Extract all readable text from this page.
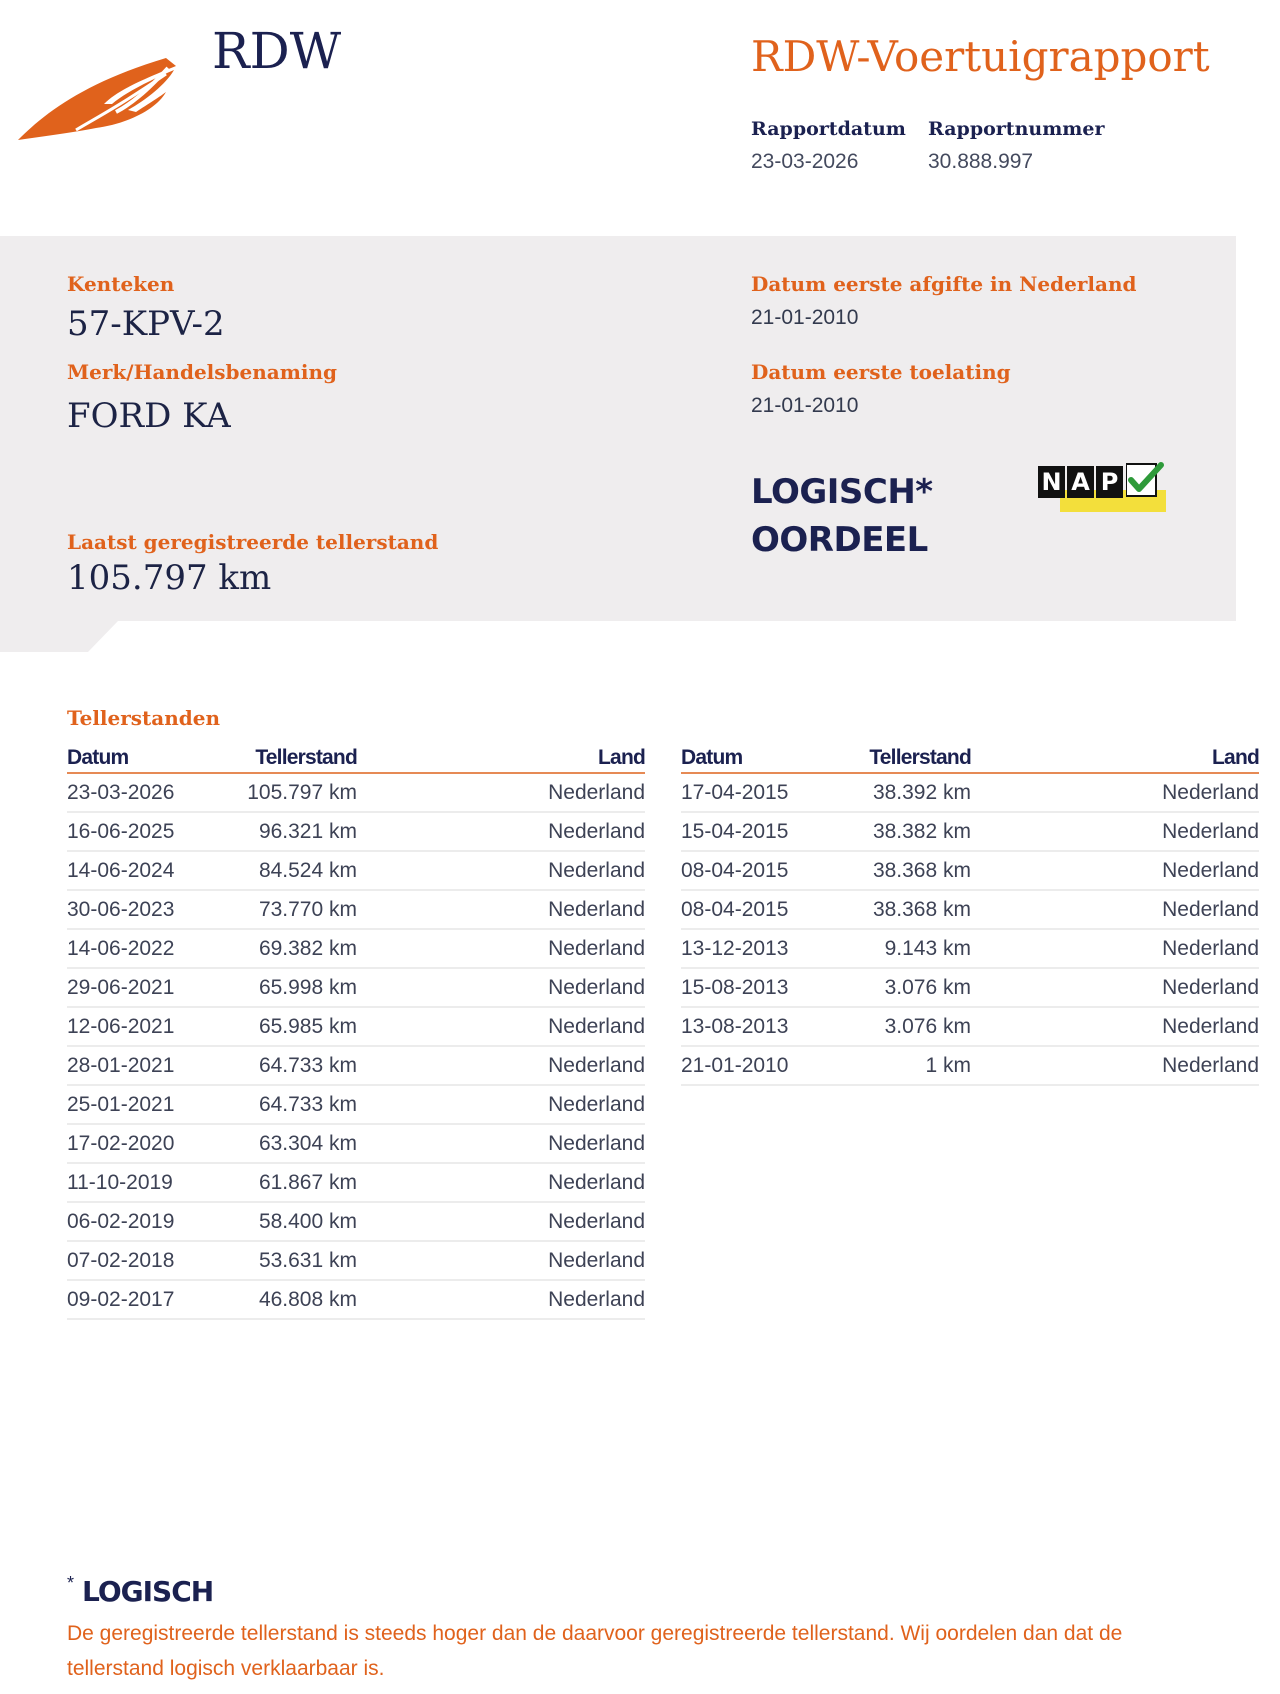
RDW	RDW-Voertuigrapport
Rapportdatum
23-03-2026
Rapportnummer
30.888.997
Kenteken
57-KPV-2
Merk/Handelsbenaming
FORD KA
Laatst geregistreerde tellerstand
105.797 km
Datum eerste afgifte in Nederland
21-01-2010
Datum eerste toelating
21-01-2010
LOGISCH*
OORDEEL
N A P
Tellerstanden
Datum	Tellerstand	Land
23-03-2026	105.797 km	Nederland
16-06-2025	96.321 km	Nederland
14-06-2024	84.524 km	Nederland
30-06-2023	73.770 km	Nederland
14-06-2022	69.382 km	Nederland
29-06-2021	65.998 km	Nederland
12-06-2021	65.985 km	Nederland
28-01-2021	64.733 km	Nederland
25-01-2021	64.733 km	Nederland
17-02-2020	63.304 km	Nederland
11-10-2019	61.867 km	Nederland
06-02-2019	58.400 km	Nederland
07-02-2018	53.631 km	Nederland
09-02-2017	46.808 km	Nederland
Datum	Tellerstand	Land
17-04-2015	38.392 km	Nederland
15-04-2015	38.382 km	Nederland
08-04-2015	38.368 km	Nederland
08-04-2015	38.368 km	Nederland
13-12-2013	9.143 km	Nederland
15-08-2013	3.076 km	Nederland
13-08-2013	3.076 km	Nederland
21-01-2010	1 km	Nederland
* LOGISCH
De geregistreerde tellerstand is steeds hoger dan de daarvoor geregistreerde tellerstand. Wij oordelen dan dat de tellerstand logisch verklaarbaar is.
